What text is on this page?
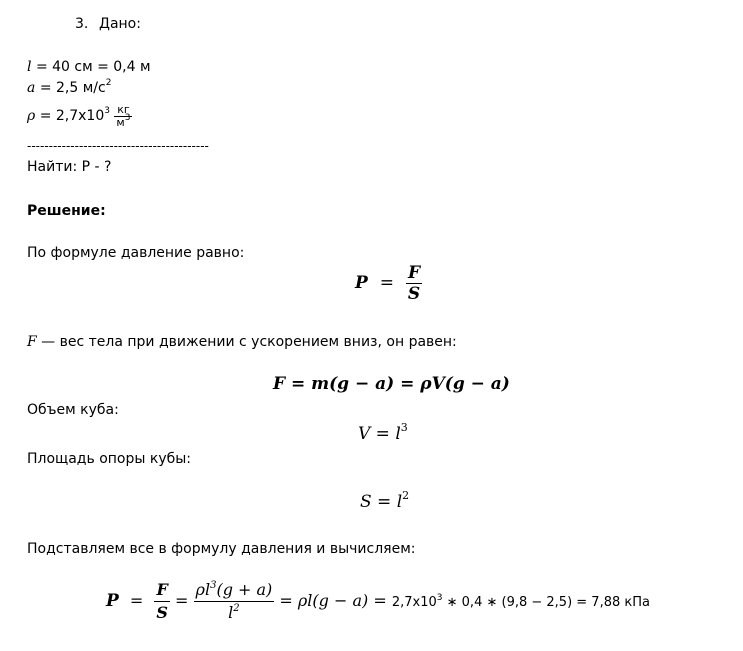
3. Дано:
l = 40 см = 0,4 м
a = 2,5 $м/с^2$
$\rho = 2,7x10^3 \frac{кг}{м^3}$
------------------------------------------
Найти: P - ?
Решение:
По формуле давление равно:
$P = \frac{F}{S}$
F — вес тела при движении с ускорением вниз, он равен:
F = m(g − a) = ρV(g − a)
Объем куба:
$V = l^3$
Площадь опоры кубы:
$S = l^2$
Подставляем все в формулу давления и вычисляем:
$P = \frac{F}{S} = \frac{\rho l^3(g + a)}{l^2} = \rho l(g - a) = 2,7x10^3$ ∗ 0,4 ∗ (9,8 − 2,5) = 7,88 кПа
